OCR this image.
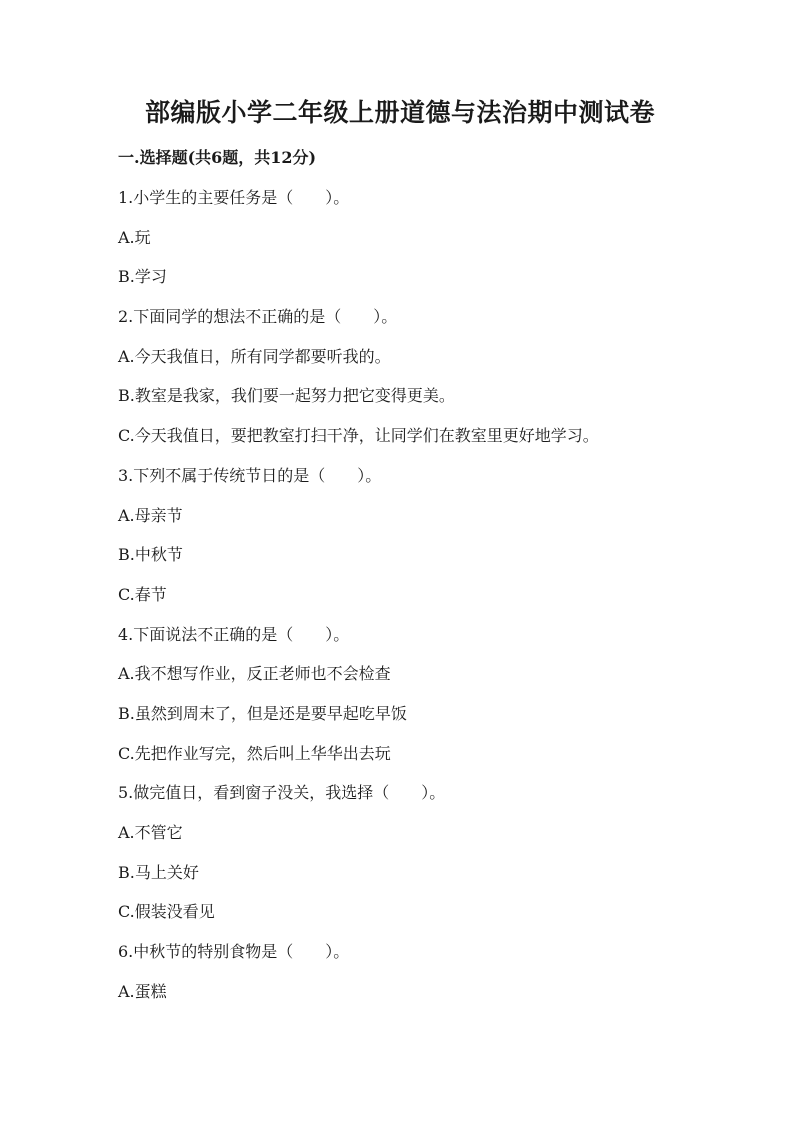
部编版小学二年级上册道德与法治期中测试卷
一.选择题(共6题，共12分)
1.小学生的主要任务是（　　）。
A.玩
B.学习
2.下面同学的想法不正确的是（　　）。
A.今天我值日，所有同学都要听我的。
B.教室是我家，我们要一起努力把它变得更美。
C.今天我值日，要把教室打扫干净，让同学们在教室里更好地学习。
3.下列不属于传统节日的是（　　）。
A.母亲节
B.中秋节
C.春节
4.下面说法不正确的是（　　）。
A.我不想写作业，反正老师也不会检查
B.虽然到周末了，但是还是要早起吃早饭
C.先把作业写完，然后叫上华华出去玩
5.做完值日，看到窗子没关，我选择（　　）。
A.不管它
B.马上关好
C.假装没看见
6.中秋节的特别食物是（　　）。
A.蛋糕
